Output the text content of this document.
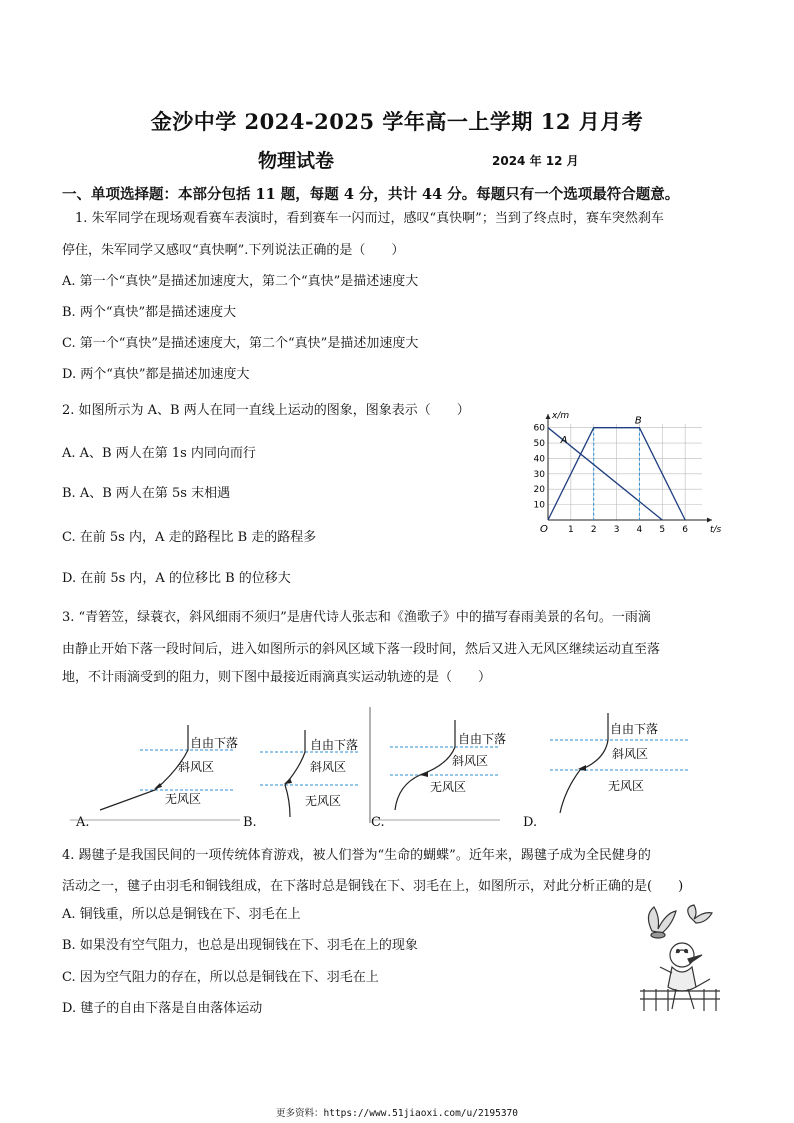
金沙中学 2024-2025 学年高一上学期 12 月月考
物理试卷	2024 年 12 月
一、单项选择题：本部分包括 11 题，每题 4 分，共计 44 分。每题只有一个选项最符合题意。
1. 朱军同学在现场观看赛车表演时，看到赛车一闪而过，感叹“真快啊”；当到了终点时，赛车突然刹车
停住，朱军同学又感叹“真快啊”.下列说法正确的是（　　）
A. 第一个“真快”是描述加速度大，第二个“真快”是描述速度大
B. 两个“真快”都是描述速度大
C. 第一个“真快”是描述速度大，第二个“真快”是描述加速度大
D. 两个“真快”都是描述加速度大
2. 如图所示为 A、B 两人在同一直线上运动的图象，图象表示（　　）
A. A、B 两人在第 1s 内同向而行
B. A、B 两人在第 5s 末相遇
C. 在前 5s 内，A 走的路程比 B 走的路程多
D. 在前 5s 内，A 的位移比 B 的位移大
1 2 3 4 5 6
10
20
30
40
50
60
O	t/s
x/m
A
B
3. “青箬笠，绿蓑衣，斜风细雨不须归”是唐代诗人张志和《渔歌子》中的描写春雨美景的名句。一雨滴
由静止开始下落一段时间后，进入如图所示的斜风区域下落一段时间，然后又进入无风区继续运动直至落
地，不计雨滴受到的阻力，则下图中最接近雨滴真实运动轨迹的是（　　）
自由下落
斜风区
无风区
自由下落
斜风区
无风区
自由下落
斜风区
无风区
自由下落
斜风区
无风区
A.	B.	C.	D.
4. 踢毽子是我国民间的一项传统体育游戏，被人们誉为“生命的蝴蝶”。近年来，踢毽子成为全民健身的
活动之一，毽子由羽毛和铜钱组成，在下落时总是铜钱在下、羽毛在上，如图所示，对此分析正确的是(　　)
A. 铜钱重，所以总是铜钱在下、羽毛在上
B. 如果没有空气阻力，也总是出现铜钱在下、羽毛在上的现象
C. 因为空气阻力的存在，所以总是铜钱在下、羽毛在上
D. 毽子的自由下落是自由落体运动
更多资料：https://www.51jiaoxi.com/u/2195370
